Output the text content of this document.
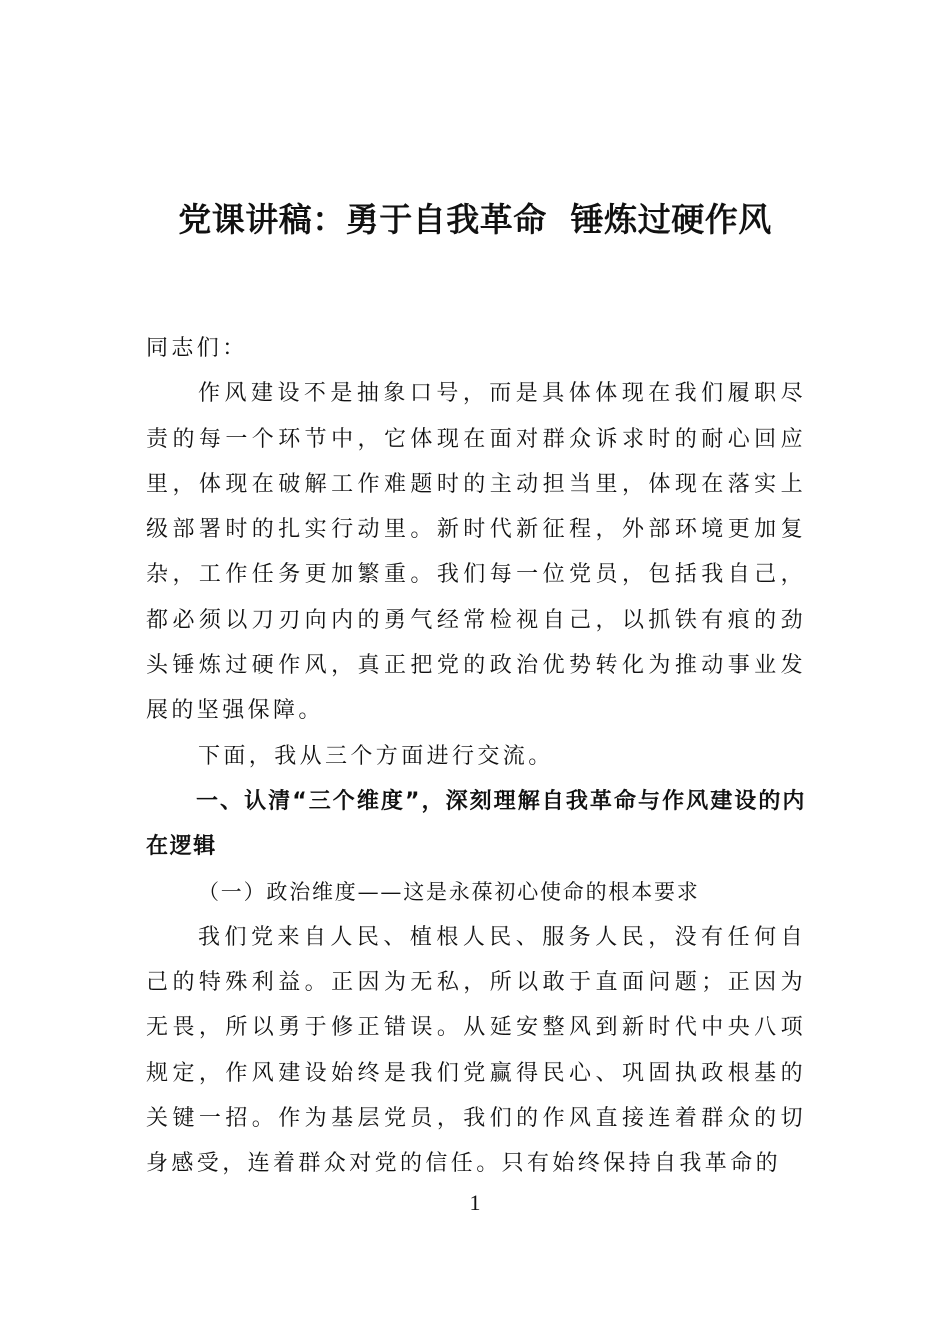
党课讲稿：勇于自我革命  锤炼过硬作风

同志们：

作风建设不是抽象口号，而是具体体现在我们履职尽责的每一个环节中，它体现在面对群众诉求时的耐心回应里，体现在破解工作难题时的主动担当里，体现在落实上级部署时的扎实行动里。新时代新征程，外部环境更加复杂，工作任务更加繁重。我们每一位党员，包括我自己，都必须以刀刃向内的勇气经常检视自己，以抓铁有痕的劲头锤炼过硬作风，真正把党的政治优势转化为推动事业发展的坚强保障。

下面，我从三个方面进行交流。

一、认清“三个维度”，深刻理解自我革命与作风建设的内在逻辑

（一）政治维度——这是永葆初心使命的根本要求

我们党来自人民、植根人民、服务人民，没有任何自己的特殊利益。正因为无私，所以敢于直面问题；正因为无畏，所以勇于修正错误。从延安整风到新时代中央八项规定，作风建设始终是我们党赢得民心、巩固执政根基的关键一招。作为基层党员，我们的作风直接连着群众的切身感受，连着群众对党的信任。只有始终保持自我革命的

1
